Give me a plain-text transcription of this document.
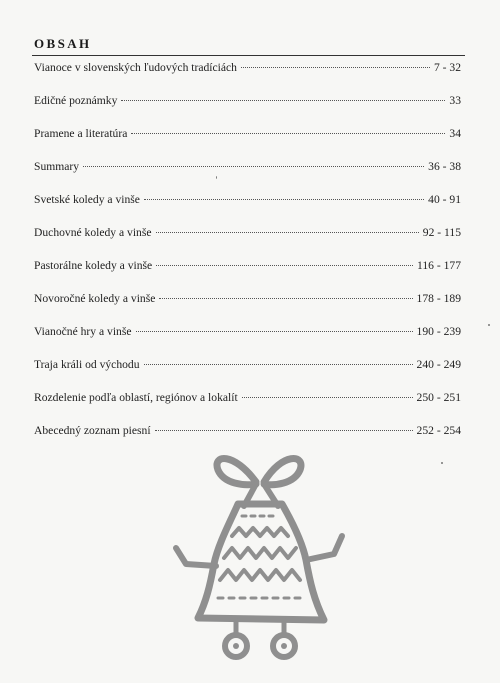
OBSAH
Vianoce v slovenských ľudových tradíciách	7 - 32
Edičné poznámky	33
Pramene a literatúra	34
Summary	36 - 38
Svetské koledy a vinše	40 - 91
Duchovné koledy a vinše	92 - 115
Pastorálne koledy a vinše	116 - 177
Novoročné koledy a vinše	178 - 189
Vianočné hry a vinše	190 - 239
Traja králi od východu	240 - 249
Rozdelenie podľa oblastí, regiónov a lokalít	250 - 251
Abecedný zoznam piesní	252 - 254
